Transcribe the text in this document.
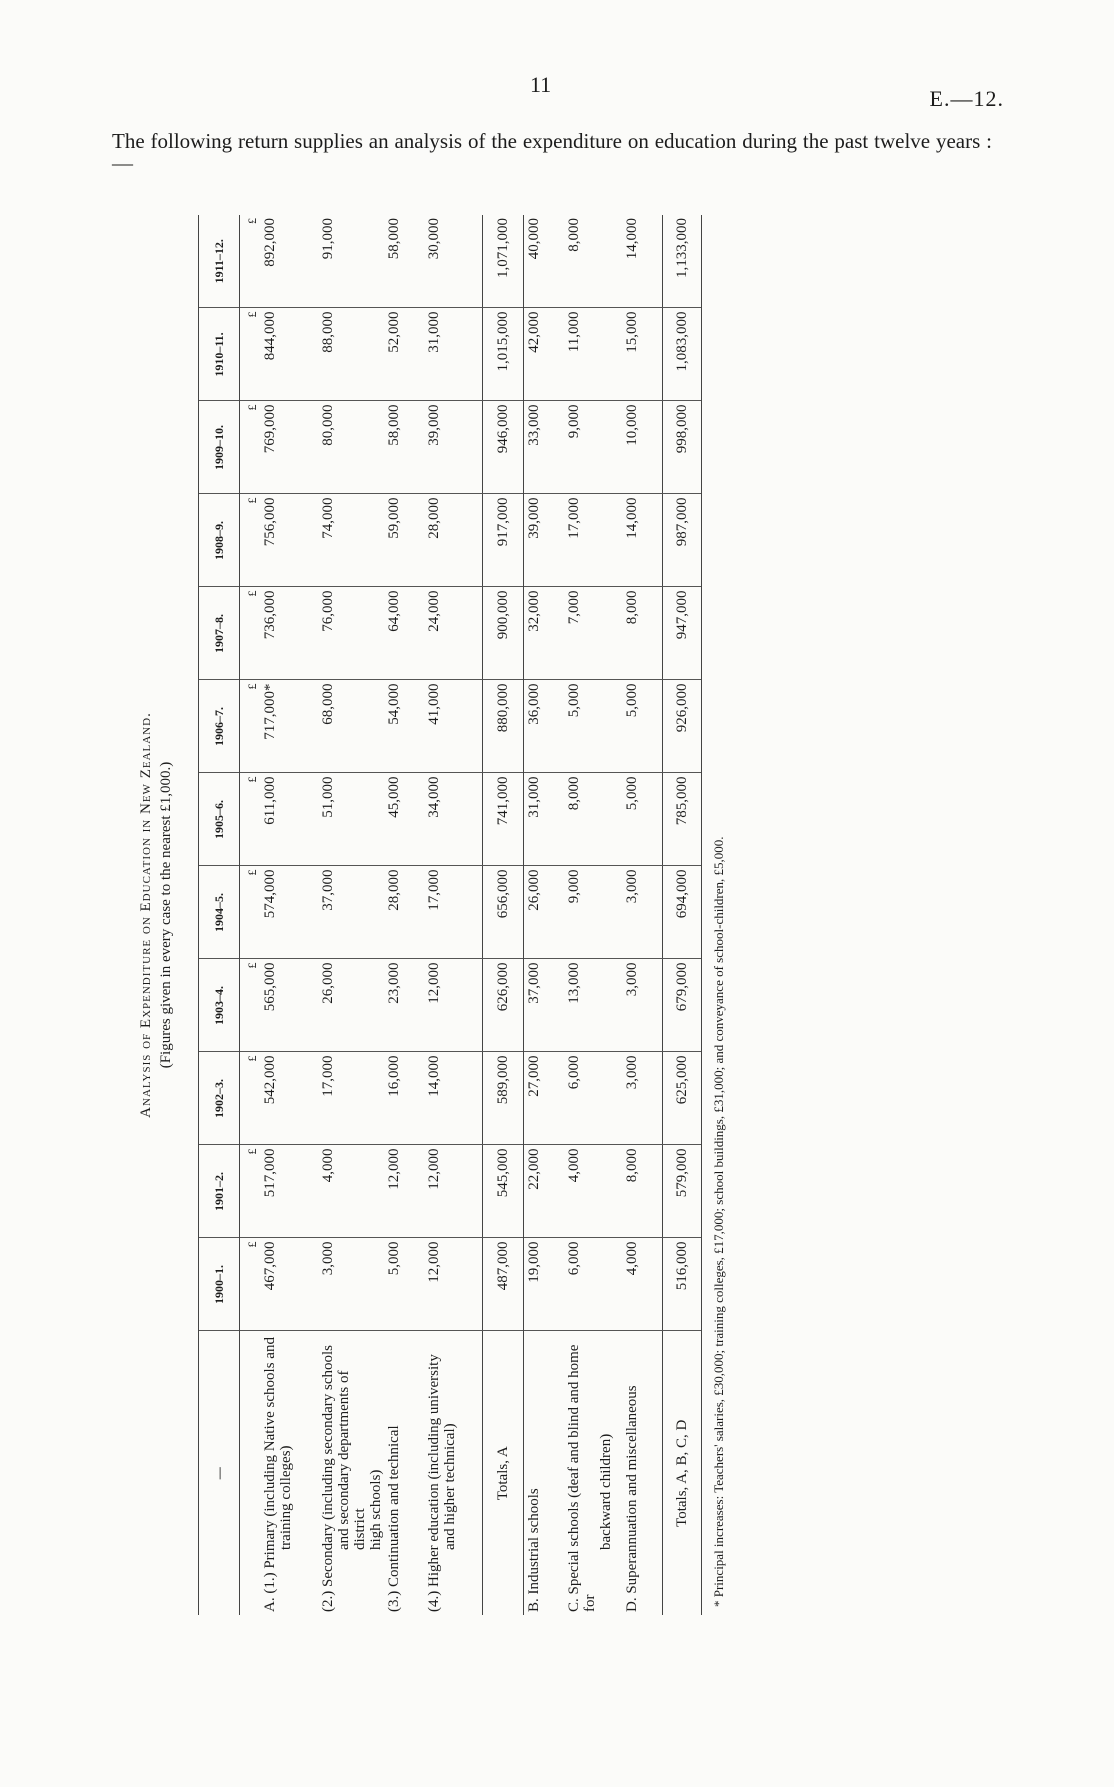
11
E.—12.
The following return supplies an analysis of the expenditure on education during the past twelve years :—
Analysis of Expenditure on Education in New Zealand. (Figures given in every case to the nearest £1,000.)
—	1900–1.	1901–2.	1902–3.	1903–4.	1904–5.	1905–6.	1906–7.	1907–8.	1908–9.	1909–10.	1910–11.	1911–12.
	£	£	£	£	£	£	£	£	£	£	£	£
A. (1.) Primary (including Native schools and training colleges)	467,000	517,000	542,000	565,000	574,000	611,000	717,000*	736,000	756,000	769,000	844,000	892,000
(2.) Secondary (including secondary schools and secondary departments of district high schools)	3,000	4,000	17,000	26,000	37,000	51,000	68,000	76,000	74,000	80,000	88,000	91,000
(3.) Continuation and technical	5,000	12,000	16,000	23,000	28,000	45,000	54,000	64,000	59,000	58,000	52,000	58,000
(4.) Higher education (including university and higher technical)	12,000	12,000	14,000	12,000	17,000	34,000	41,000	24,000	28,000	39,000	31,000	30,000
Totals, A	487,000	545,000	589,000	626,000	656,000	741,000	880,000	900,000	917,000	946,000	1,015,000	1,071,000
B. Industrial schools	19,000	22,000	27,000	37,000	26,000	31,000	36,000	32,000	39,000	33,000	42,000	40,000
C. Special schools (deaf and blind and home for
backward children)	6,000	4,000	6,000	13,000	9,000	8,000	5,000	7,000	17,000	9,000	11,000	8,000
D. Superannuation and miscellaneous	4,000	8,000	3,000	3,000	3,000	5,000	5,000	8,000	14,000	10,000	15,000	14,000
Totals, A, B, C, D	516,000	579,000	625,000	679,000	694,000	785,000	926,000	947,000	987,000	998,000	1,083,000	1,133,000
* Principal increases: Teachers' salaries, £30,000; training colleges, £17,000; school buildings, £31,000; and conveyance of school-children, £5,000.
